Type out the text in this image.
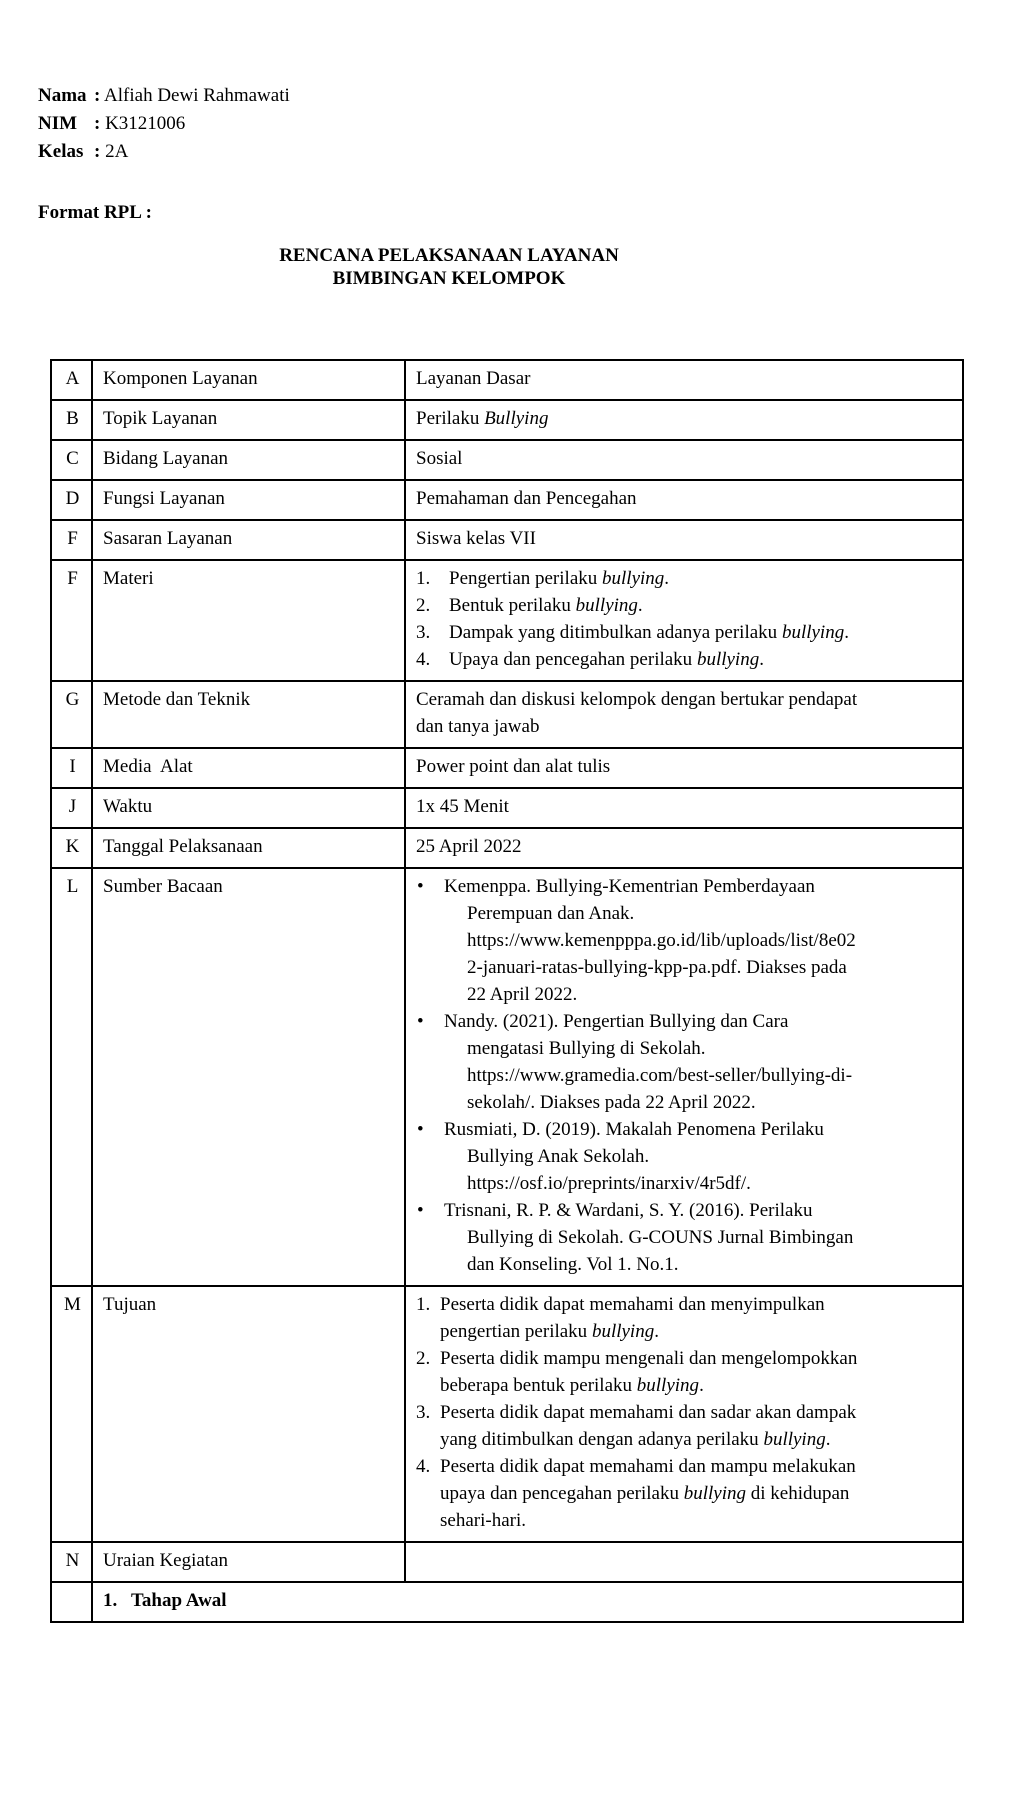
Nama : Alfiah Dewi Rahmawati
NIM : K3121006
Kelas : 2A
Format RPL :
RENCANA PELAKSANAAN LAYANAN
BIMBINGAN KELOMPOK
A	Komponen Layanan	Layanan Dasar
B	Topik Layanan	Perilaku Bullying
C	Bidang Layanan	Sosial
D	Fungsi Layanan	Pemahaman dan Pencegahan
F	Sasaran Layanan	Siswa kelas VII
F	Materi	1. Pengertian perilaku bullying.
2. Bentuk perilaku bullying.
3. Dampak yang ditimbulkan adanya perilaku bullying.
4. Upaya dan pencegahan perilaku bullying.

G	Metode dan Teknik	Ceramah dan diskusi kelompok dengan bertukar pendapat
dan tanya jawab
I	Media  Alat	Power point dan alat tulis
J	Waktu	1x 45 Menit
K	Tanggal Pelaksanaan	25 April 2022
L	Sumber Bacaan	• Kemenppa. Bullying-Kementrian Pemberdayaan
Perempuan dan Anak.
https://www.kemenpppa.go.id/lib/uploads/list/8e02
2-januari-ratas-bullying-kpp-pa.pdf. Diakses pada
22 April 2022.
• Nandy. (2021). Pengertian Bullying dan Cara
mengatasi Bullying di Sekolah.
https://www.gramedia.com/best-seller/bullying-di-
sekolah/. Diakses pada 22 April 2022.
• Rusmiati, D. (2019). Makalah Penomena Perilaku
Bullying Anak Sekolah.
https://osf.io/preprints/inarxiv/4r5df/.
• Trisnani, R. P. & Wardani, S. Y. (2016). Perilaku
Bullying di Sekolah. G-COUNS Jurnal Bimbingan
dan Konseling. Vol 1. No.1.

M	Tujuan	1. Peserta didik dapat memahami dan menyimpulkan
pengertian perilaku bullying.
2. Peserta didik mampu mengenali dan mengelompokkan
beberapa bentuk perilaku bullying.
3. Peserta didik dapat memahami dan sadar akan dampak
yang ditimbulkan dengan adanya perilaku bullying.
4. Peserta didik dapat memahami dan mampu melakukan
upaya dan pencegahan perilaku bullying di kehidupan
sehari-hari.

N	Uraian Kegiatan	

	1. Tahap Awal	
